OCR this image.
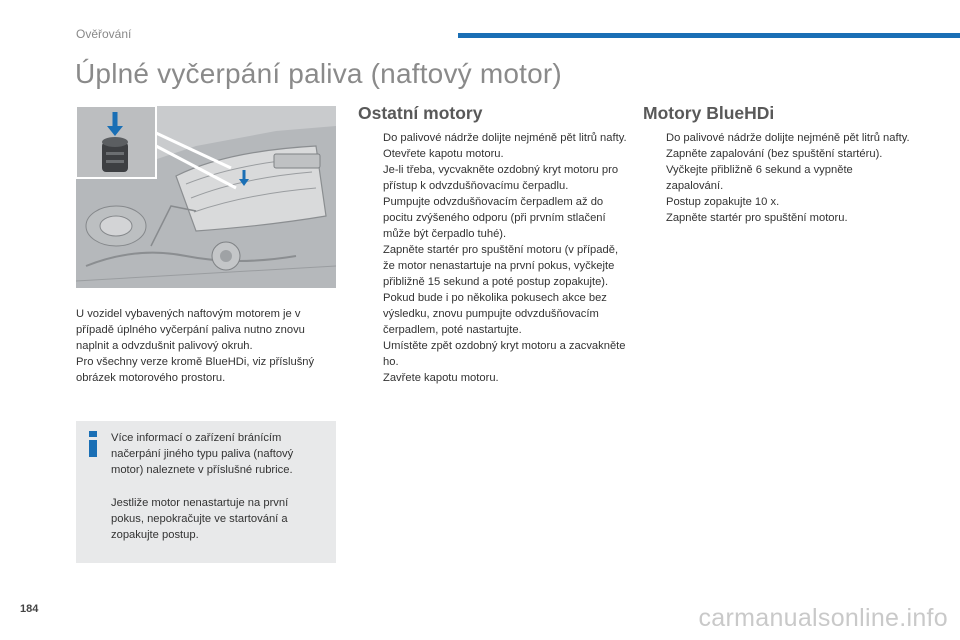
Ověřování
Úplné vyčerpání paliva (naftový motor)

U vozidel vybavených naftovým motorem je v případě úplného vyčerpání paliva nutno znovu naplnit a odvzdušnit palivový okruh.

Pro všechny verze kromě BlueHDi, viz příslušný obrázek motorového prostoru.

Více informací o zařízení bránícím načerpání jiného typu paliva (naftový motor) naleznete v příslušné rubrice.

Jestliže motor nenastartuje na první pokus, nepokračujte ve startování a zopakujte postup.

Ostatní motory
Do palivové nádrže dolijte nejméně pět litrů nafty.
Otevřete kapotu motoru.
Je-li třeba, vycvakněte ozdobný kryt motoru pro přístup k odvzdušňovacímu čerpadlu.
Pumpujte odvzdušňovacím čerpadlem až do pocitu zvýšeného odporu (při prvním stlačení může být čerpadlo tuhé).
Zapněte startér pro spuštění motoru (v případě, že motor nenastartuje na první pokus, vyčkejte přibližně 15 sekund a poté postup zopakujte).
Pokud bude i po několika pokusech akce bez výsledku, znovu pumpujte odvzdušňovacím čerpadlem, poté nastartujte.
Umístěte zpět ozdobný kryt motoru a zacvakněte ho.
Zavřete kapotu motoru.
Motory BlueHDi
Do palivové nádrže dolijte nejméně pět litrů nafty.
Zapněte zapalování (bez spuštění startéru).
Vyčkejte přibližně 6 sekund a vypněte zapalování.
Postup zopakujte 10 x.
Zapněte startér pro spuštění motoru.
184	carmanualsonline.info
